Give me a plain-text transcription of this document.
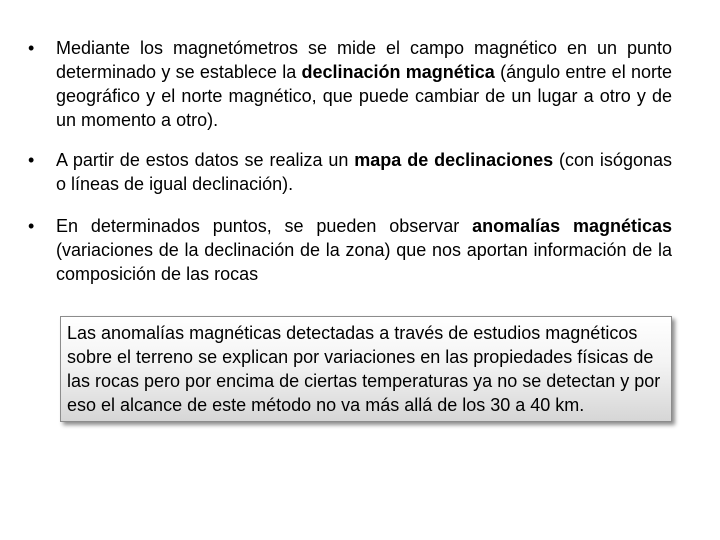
• Mediante los magnetómetros se mide el campo magnético en un punto determinado y se establece la declinación magnética (ángulo entre el norte geográfico y el norte magnético, que puede cambiar de un lugar a otro y de un momento a otro).
• A partir de estos datos se realiza un mapa de declinaciones (con isógonas o líneas de igual declinación).
• En determinados puntos, se pueden observar anomalías magnéticas (variaciones de la declinación de la zona) que nos aportan información de la composición de las rocas
Las anomalías magnéticas detectadas a través de estudios magnéticos sobre el terreno se explican por variaciones en las propiedades físicas de las rocas pero por encima de ciertas temperaturas ya no se detectan y por eso el alcance de este método no va más allá de los 30 a 40 km.
